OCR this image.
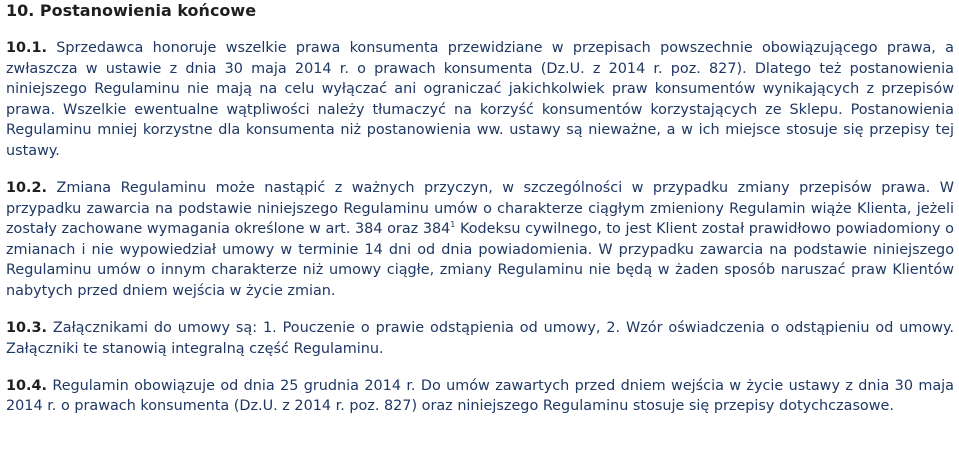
10. Postanowienia końcowe

10.1. Sprzedawca honoruje wszelkie prawa konsumenta przewidziane w przepisach powszechnie obowiązującego prawa, a zwłaszcza w ustawie z dnia 30 maja 2014 r. o prawach konsumenta (Dz.U. z 2014 r. poz. 827). Dlatego też postanowienia niniejszego Regulaminu nie mają na celu wyłączać ani ograniczać jakichkolwiek praw konsumentów wynikających z przepisów prawa. Wszelkie ewentualne wątpliwości należy tłumaczyć na korzyść konsumentów korzystających ze Sklepu. Postanowienia Regulaminu mniej korzystne dla konsumenta niż postanowienia ww. ustawy są nieważne, a w ich miejsce stosuje się przepisy tej ustawy.

10.2. Zmiana Regulaminu może nastąpić z ważnych przyczyn, w szczególności w przypadku zmiany przepisów prawa. W przypadku zawarcia na podstawie niniejszego Regulaminu umów o charakterze ciągłym zmieniony Regulamin wiąże Klienta, jeżeli zostały zachowane wymagania określone w art. 384 oraz $384^1$ Kodeksu cywilnego, to jest Klient został prawidłowo powiadomiony o zmianach i nie wypowiedział umowy w terminie 14 dni od dnia powiadomienia. W przypadku zawarcia na podstawie niniejszego Regulaminu umów o innym charakterze niż umowy ciągłe, zmiany Regulaminu nie będą w żaden sposób naruszać praw Klientów nabytych przed dniem wejścia w życie zmian.

10.3. Załącznikami do umowy są: 1. Pouczenie o prawie odstąpienia od umowy, 2. Wzór oświadczenia o odstąpieniu od umowy. Załączniki te stanowią integralną część Regulaminu.

10.4. Regulamin obowiązuje od dnia 25 grudnia 2014 r. Do umów zawartych przed dniem wejścia w życie ustawy z dnia 30 maja 2014 r. o prawach konsumenta (Dz.U. z 2014 r. poz. 827) oraz niniejszego Regulaminu stosuje się przepisy dotychczasowe.
